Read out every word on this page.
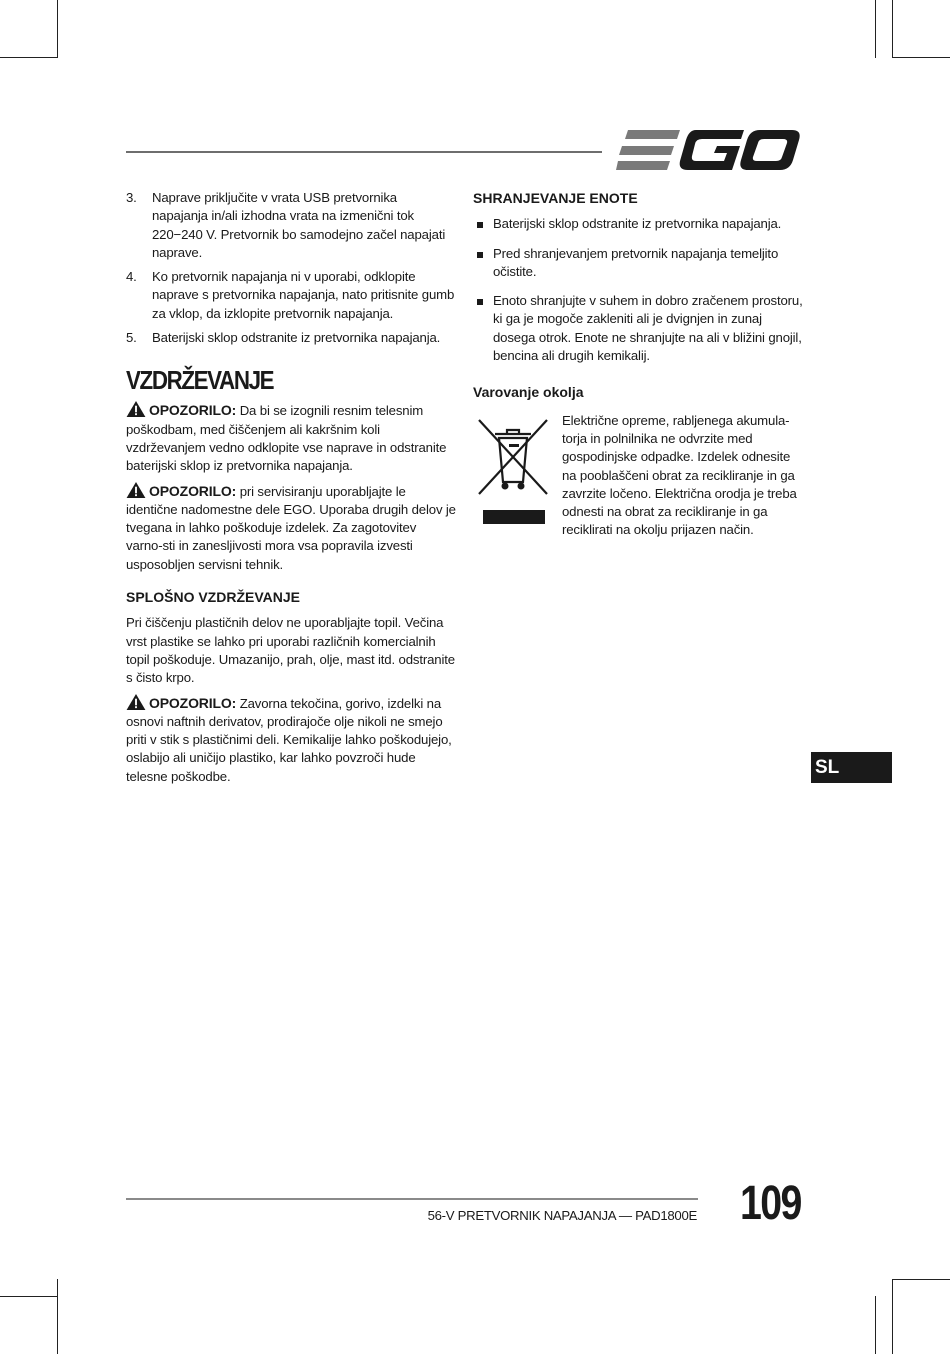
3.	Naprave priključite v vrata USB pretvornika napajanja in/ali izhodna vrata na izmenični tok 220−240 V. Pretvornik bo samodejno začel napajati naprave.
4.	Ko pretvornik napajanja ni v uporabi, odklopite naprave s pretvornika napajanja, nato pritisnite gumb za vklop, da izklopite pretvornik napajanja.
5.	Baterijski sklop odstranite iz pretvornika napajanja.
VZDRŽEVANJE

OPOZORILO: Da bi se izognili resnim telesnim poškodbam, med čiščenjem ali kakršnim koli vzdrževanjem vedno odklopite vse naprave in odstranite baterijski sklop iz pretvornika napajanja.

OPOZORILO: pri servisiranju uporabljajte le identične nadomestne dele EGO. Uporaba drugih delov je tvegana in lahko poškoduje izdelek. Za zagotovitev varno-sti in zanesljivosti mora vsa popravila izvesti usposobljen servisni tehnik.

SPLOŠNO VZDRŽEVANJE

Pri čiščenju plastičnih delov ne uporabljajte topil. Večina vrst plastike se lahko pri uporabi različnih komercialnih topil poškoduje. Umazanijo, prah, olje, mast itd. odstranite s čisto krpo.

OPOZORILO: Zavorna tekočina, gorivo, izdelki na osnovi naftnih derivatov, prodirajoče olje nikoli ne smejo priti v stik s plastičnimi deli. Kemikalije lahko poškodujejo, oslabijo ali uničijo plastiko, kar lahko povzroči hude telesne poškodbe.

SHRANJEVANJE ENOTE
Baterijski sklop odstranite iz pretvornika napajanja.
Pred shranjevanjem pretvornik napajanja temeljito očistite.
Enoto shranjujte v suhem in dobro zračenem prostoru, ki ga je mogoče zakleniti ali je dvignjen in zunaj dosega otrok. Enote ne shranjujte na ali v bližini gnojil, bencina ali drugih kemikalij.
Varovanje okolja
Električne opreme, rabljenega akumula-torja in polnilnika ne odvrzite med gospodinjske odpadke. Izdelek odnesite na pooblaščeni obrat za recikliranje in ga zavrzite ločeno. Električna orodja je treba odnesti na obrat za recikliranje in ga reciklirati na okolju prijazen način.
SL
56-V PRETVORNIK NAPAJANJA — PAD1800E 109
